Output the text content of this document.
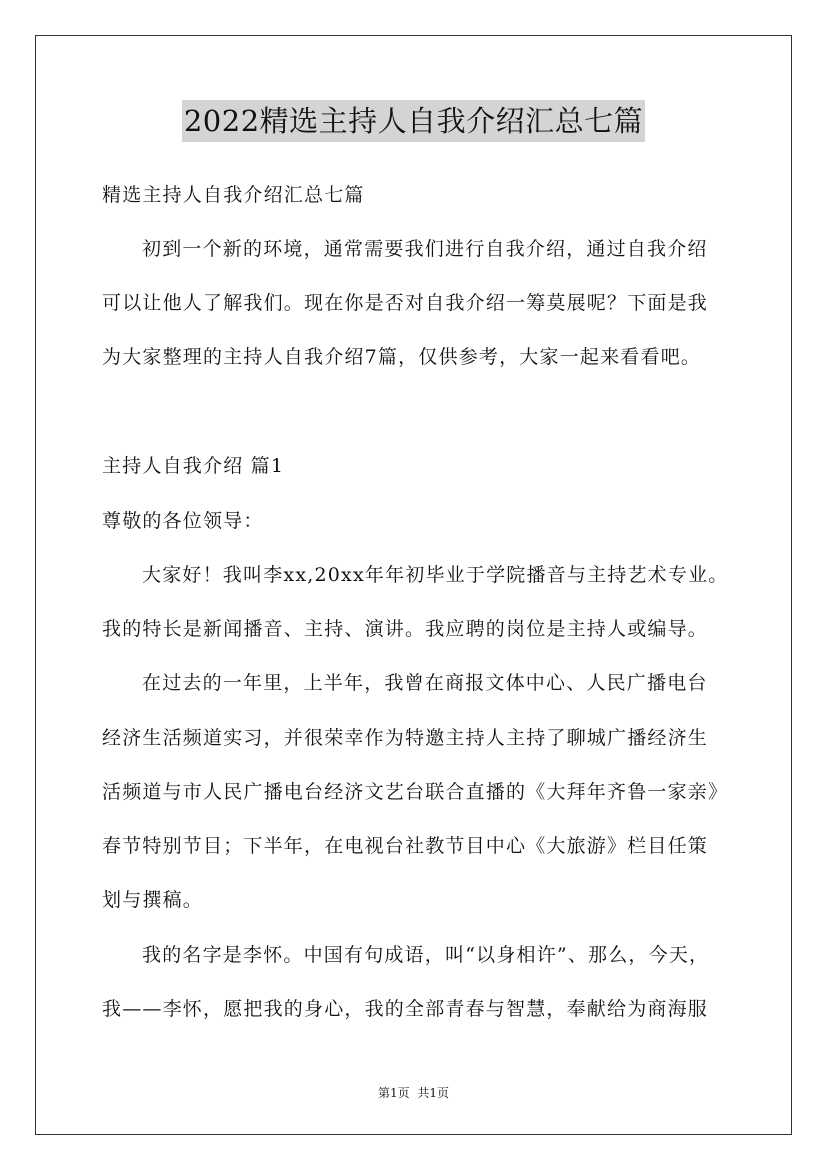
2022精选主持人自我介绍汇总七篇
精选主持人自我介绍汇总七篇
初到一个新的环境，通常需要我们进行自我介绍，通过自我介绍
可以让他人了解我们。现在你是否对自我介绍一筹莫展呢？下面是我
为大家整理的主持人自我介绍7篇，仅供参考，大家一起来看看吧。
主持人自我介绍 篇1
尊敬的各位领导：
大家好！我叫李xx,20xx年年初毕业于学院播音与主持艺术专业。
我的特长是新闻播音、主持、演讲。我应聘的岗位是主持人或编导。
在过去的一年里，上半年，我曾在商报文体中心、人民广播电台
经济生活频道实习，并很荣幸作为特邀主持人主持了聊城广播经济生
活频道与市人民广播电台经济文艺台联合直播的《大拜年齐鲁一家亲》
春节特别节目；下半年，在电视台社教节目中心《大旅游》栏目任策
划与撰稿。
我的名字是李怀。中国有句成语，叫“以身相许”、那么，今天，
我——李怀，愿把我的身心，我的全部青春与智慧，奉献给为商海服
第1页 共1页
